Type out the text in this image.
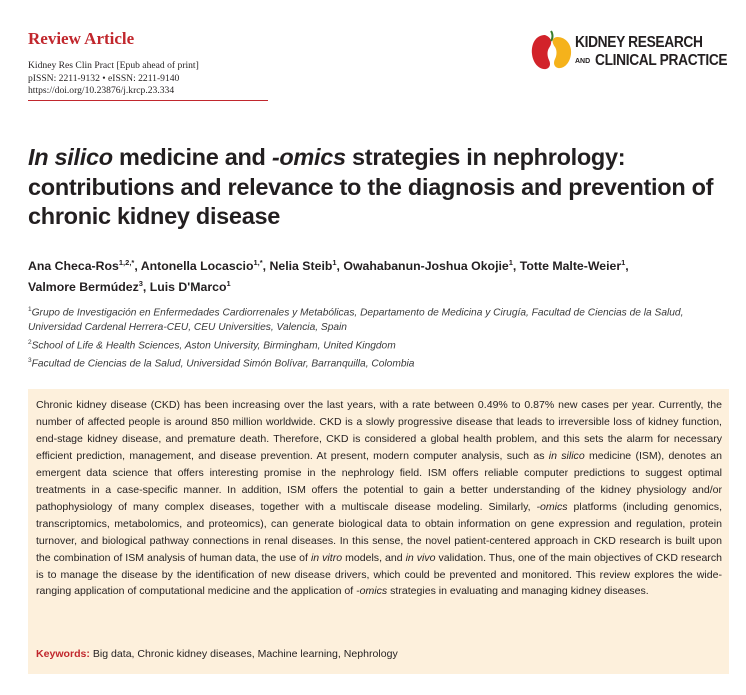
Review Article
Kidney Res Clin Pract [Epub ahead of print]
pISSN: 2211-9132 • eISSN: 2211-9140
https://doi.org/10.23876/j.krcp.23.334
KIDNEY RESEARCH
AND CLINICAL PRACTICE
In silico medicine and -omics strategies in nephrology: contributions and relevance to the diagnosis and prevention of chronic kidney disease
Ana Checa-Ros$^{1,2,*}$, Antonella Locascio$^{1,*}$, Nelia Steib$^1$, Owahabanun-Joshua Okojie$^1$, Totte Malte-Weier$^1$,
Valmore Bermúdez$^3$, Luis D'Marco$^1$
$^1$Grupo de Investigación en Enfermedades Cardiorrenales y Metabólicas, Departamento de Medicina y Cirugía, Facultad de Ciencias de la Salud, Universidad Cardenal Herrera-CEU, CEU Universities, Valencia, Spain
$^2$School of Life & Health Sciences, Aston University, Birmingham, United Kingdom
$^3$Facultad de Ciencias de la Salud, Universidad Simón Bolívar, Barranquilla, Colombia

Chronic kidney disease (CKD) has been increasing over the last years, with a rate between 0.49% to 0.87% new cases per year. Currently, the number of affected people is around 850 million worldwide. CKD is a slowly progressive disease that leads to irreversible loss of kidney function, end-stage kidney disease, and premature death. Therefore, CKD is considered a global health problem, and this sets the alarm for necessary efficient prediction, management, and disease prevention. At present, modern computer analysis, such as in silico medicine (ISM), denotes an emergent data science that offers interesting promise in the nephrology field. ISM offers reliable computer predictions to suggest optimal treatments in a case-specific manner. In addition, ISM offers the potential to gain a better understanding of the kidney physiology and/or pathophysiology of many complex diseases, together with a multiscale disease modeling. Similarly, -omics platforms (including genomics, transcriptomics, metabolomics, and proteomics), can generate biological data to obtain information on gene expression and regulation, protein turnover, and biological pathway connections in renal diseases. In this sense, the novel patient-centered approach in CKD research is built upon the combination of ISM analysis of human data, the use of in vitro models, and in vivo validation. Thus, one of the main objectives of CKD research is to manage the disease by the identification of new disease drivers, which could be prevented and monitored. This review explores the wide-ranging application of computational medicine and the application of -omics strategies in evaluating and managing kidney diseases.

Keywords: Big data, Chronic kidney diseases, Machine learning, Nephrology
